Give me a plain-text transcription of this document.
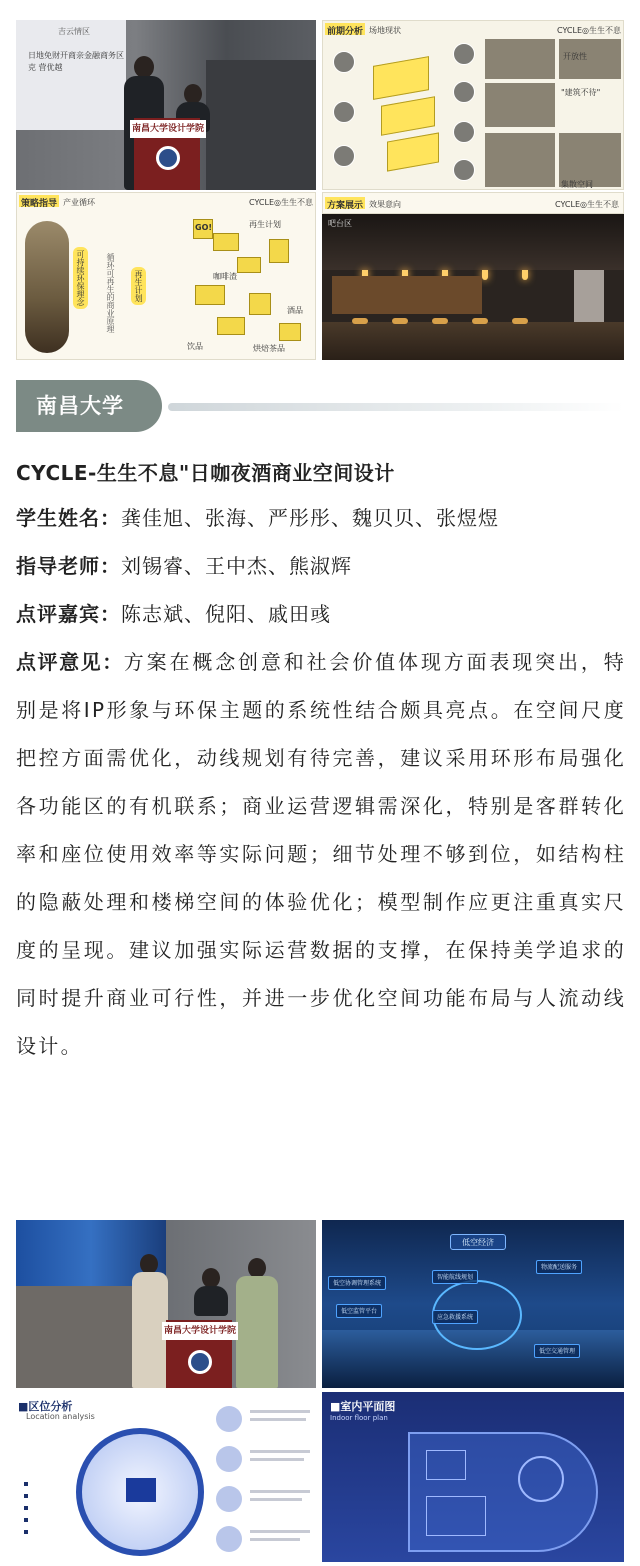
吉云情区
日地免财开商亲金融商务区克 营优越
南昌大学设计学院
前期分析 场地现状	CYCLE◎生生不息
"建筑不待"
开放性
集散空间
策略指导 产业循环	CYCLE◎生生不息
可持续环保理念	循环可再生的商业原理	再生计划
GO!	再生计划
咖啡渣
饮品
酒品
烘焙茶品
吧台区
方案展示 效果意向	CYCLE◎生生不息
南昌大学
CYCLE-生生不息"日咖夜酒商业空间设计
学生姓名：龚佳旭、张海、严彤彤、魏贝贝、张煜煜
指导老师：刘锡睿、王中杰、熊淑辉
点评嘉宾：陈志斌、倪阳、戚田彧
点评意见：方案在概念创意和社会价值体现方面表现突出，特别是将IP形象与环保主题的系统性结合颇具亮点。在空间尺度把控方面需优化，动线规划有待完善，建议采用环形布局强化各功能区的有机联系；商业运营逻辑需深化，特别是客群转化率和座位使用效率等实际问题；细节处理不够到位，如结构柱的隐蔽处理和楼梯空间的体验优化；模型制作应更注重真实尺度的呈现。建议加强实际运营数据的支撑，在保持美学追求的同时提升商业可行性，并进一步优化空间功能布局与人流动线设计。
南昌大学设计学院
低空经济
低空协调管理系统
智能航线规划
物流配送服务
低空监管平台
应急救援系统
低空交通管理
■区位分析
Location analysis
■室内平面图
Indoor floor plan
